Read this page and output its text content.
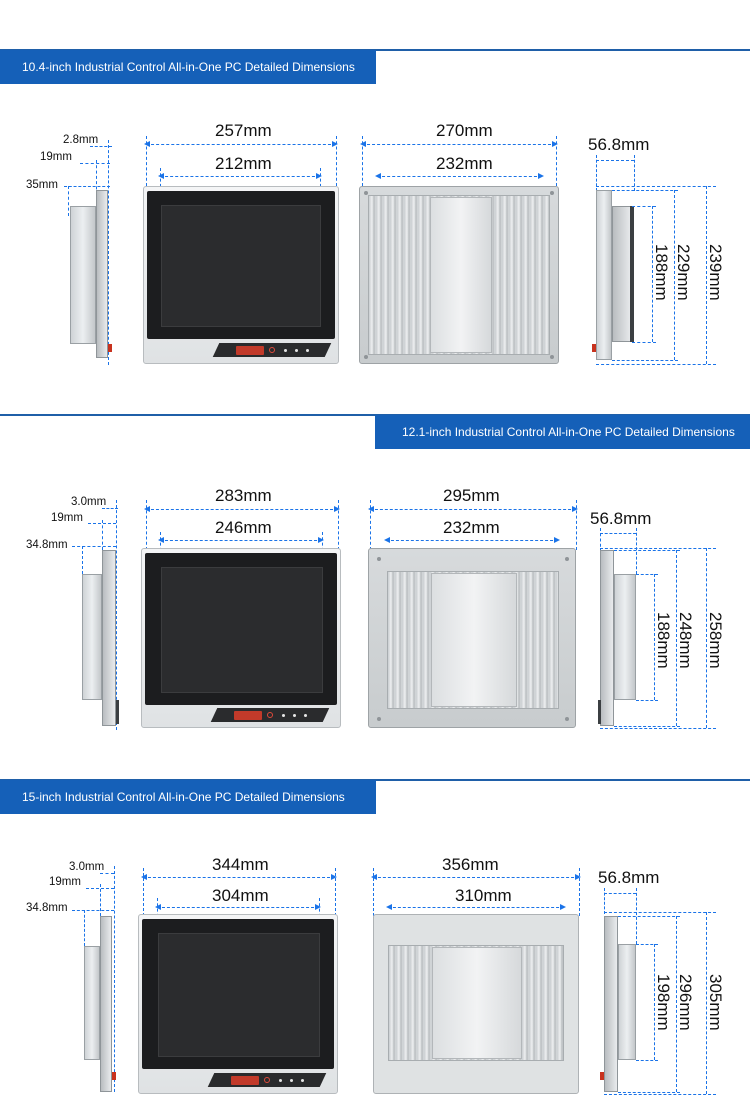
10.4-inch Industrial Control All-in-One PC Detailed Dimensions
2.8mm
19mm
35mm
257mm
212mm
270mm
232mm
56.8mm
188mm 229mm 239mm
12.1-inch Industrial Control All-in-One PC Detailed Dimensions
3.0mm
19mm
34.8mm
283mm
246mm
295mm
232mm	56.8mm
188mm 248mm 258mm
15-inch Industrial Control All-in-One PC Detailed Dimensions
3.0mm
19mm
34.8mm
344mm
304mm
356mm
310mm
56.8mm
198mm 296mm 305mm
